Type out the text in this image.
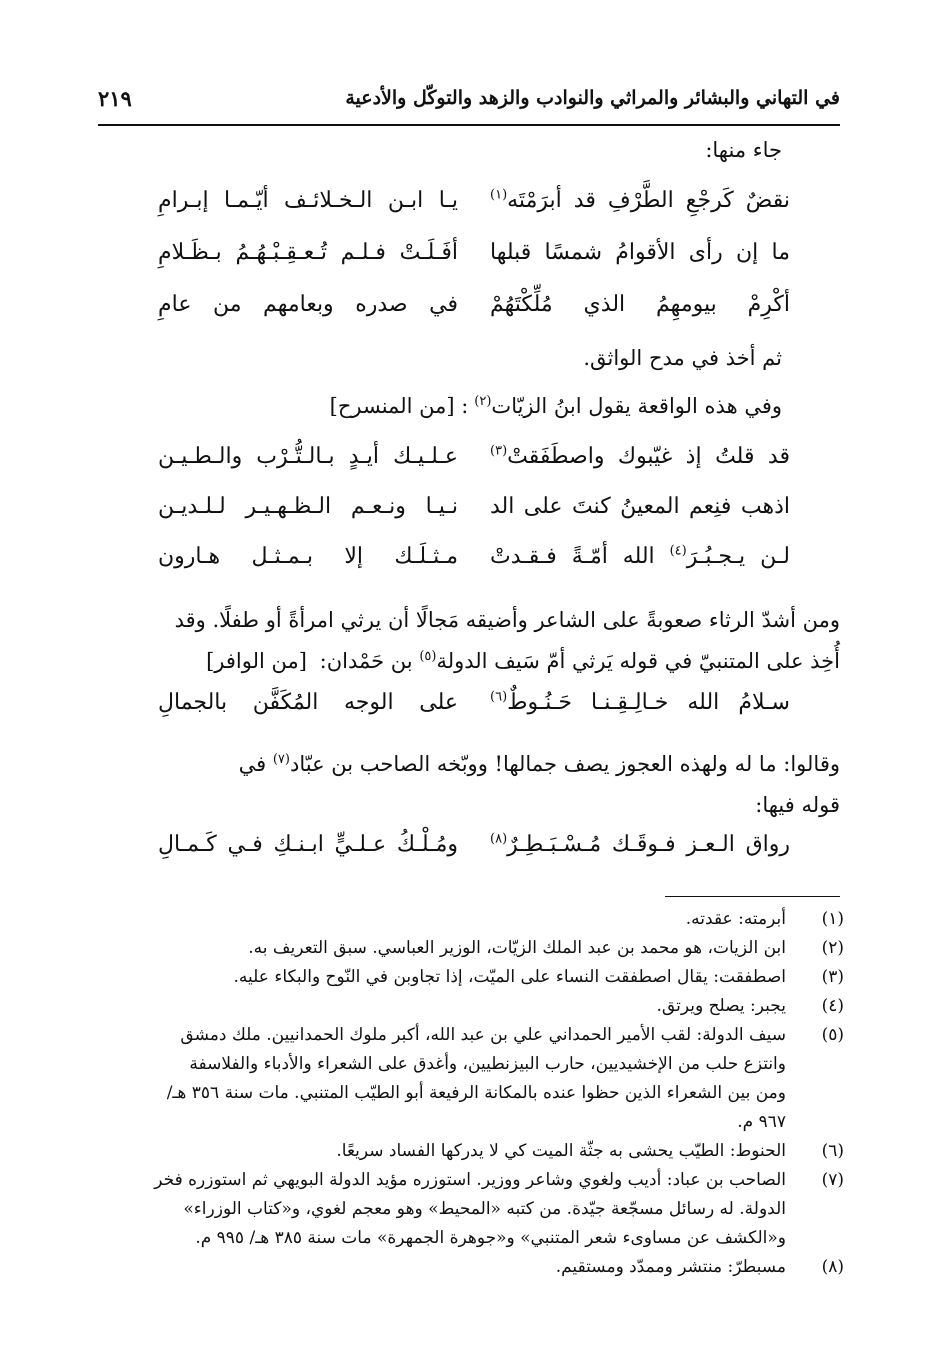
في التهاني والبشائر والمراثي والنوادب والزهد والتوكّل والأدعية
٢١٩
جاء منها:
نقضٌ كَرجْعِ الطَّرْفِ قد أبرَمْتَه$^{(١)}$
يـا ابـن الـخـلائـف أيّـمـا إبـرامِ
ما إن رأى الأقوامُ شمسًا قبلها
أفَـلَـتْ فـلـم تُـعـقِـبْـهُـمُ بـظَـلامِ
أكْرِمْ بيومهِمُ الذي مُلِّكْتَهُمْ
في صدره وبعامهم من عامِ
ثم أخذ في مدح الواثق.
وفي هذه الواقعة يقول ابنُ الزيّات$^{(٢)}$: [من المنسرح]
قد قلتُ إذ غيّبوك واصطَفَقتْ$^{(٣)}$
عـلـيـك أيـدٍ بـالـتُّـرْب والـطـيـن
اذهب فنِعم المعينُ كنتَ على الد
نـيـا ونـعـم الـظـهـيـر لـلـديـن
لـن يـجـبُـرَ$^{(٤)}$ الله أمّـةً فـقـدتْ
مـثـلَـك إلا بـمـثـل هـارون
ومن أشدّ الرثاء صعوبةً على الشاعر وأضيقه مَجالًا أن يرثي امرأةً أو طفلًا. وقد
أُخِذ على المتنبيّ في قوله يَرثي أمّ سَيف الدولة$^{(٥)}$ بن حَمْدان: [من الوافر]
سـلامُ الله خـالِـقِـنـا حَـنُـوطٌ$^{(٦)}$
على الوجه المُكَفَّن بالجمالِ
وقالوا: ما له ولهذه العجوز يصف جمالها! ووبّخه الصاحب بن عبّاد$^{(٧)}$ في
قوله فيها:
رواق الـعـز فـوقَـك مُـسْـبَـطِـرٌ$^{(٨)}$
ومُـلْـكُ عـلـيٍّ ابـنـكِ فـي كَـمـالِ
(١)
أبرمته: عقدته.
(٢)
ابن الزيات، هو محمد بن عبد الملك الزيّات، الوزير العباسي. سبق التعريف به.
(٣)
اصطفقت: يقال اصطفقت النساء على الميّت، إذا تجاوبن في النّوح والبكاء عليه.
(٤)
يجبر: يصلح ويرتق.
(٥)
سيف الدولة: لقب الأمير الحمداني علي بن عبد الله، أكبر ملوك الحمدانيين. ملك دمشق
وانتزع حلب من الإخشيديين، حارب البيزنطيين، وأغدق على الشعراء والأدباء والفلاسفة
ومن بين الشعراء الذين حظوا عنده بالمكانة الرفيعة أبو الطيّب المتنبي. مات سنة ٣٥٦ هـ/
٩٦٧ م.
(٦)
الحنوط: الطيّب يحشى به جثّة الميت كي لا يدركها الفساد سريعًا.
(٧)
الصاحب بن عباد: أديب ولغوي وشاعر ووزير. استوزره مؤيد الدولة البويهي ثم استوزره فخر
الدولة. له رسائل مسجّعة جيّدة. من كتبه «المحيط» وهو معجم لغوي، و«كتاب الوزراء»
و«الكشف عن مساوىء شعر المتنبي» و«جوهرة الجمهرة» مات سنة ٣٨٥ هـ/ ٩٩٥ م.
(٨)
مسبطرّ: منتشر وممدّد ومستقيم.
